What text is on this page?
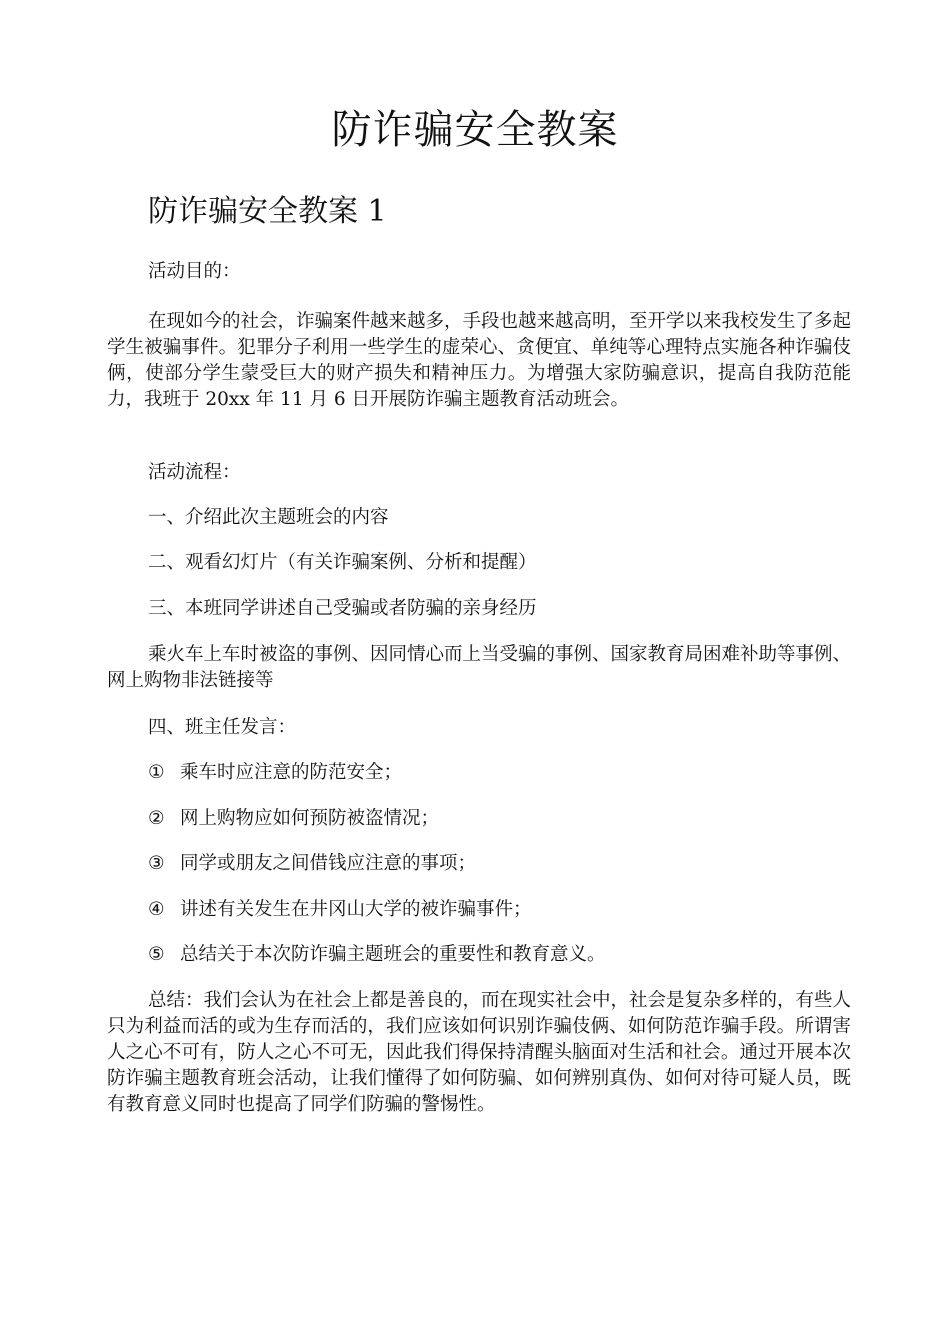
防诈骗安全教案
防诈骗安全教案 1

活动目的：

在现如今的社会，诈骗案件越来越多，手段也越来越高明，至开学以来我校发生了多起学生被骗事件。犯罪分子利用一些学生的虚荣心、贪便宜、单纯等心理特点实施各种诈骗伎俩，使部分学生蒙受巨大的财产损失和精神压力。为增强大家防骗意识，提高自我防范能力，我班于 20xx 年 11 月 6 日开展防诈骗主题教育活动班会。

活动流程：

一、介绍此次主题班会的内容

二、观看幻灯片（有关诈骗案例、分析和提醒）

三、本班同学讲述自己受骗或者防骗的亲身经历

乘火车上车时被盗的事例、因同情心而上当受骗的事例、国家教育局困难补助等事例、网上购物非法链接等

四、班主任发言：

① 乘车时应注意的防范安全；

② 网上购物应如何预防被盗情况；

③ 同学或朋友之间借钱应注意的事项；

④ 讲述有关发生在井冈山大学的被诈骗事件；

⑤ 总结关于本次防诈骗主题班会的重要性和教育意义。

总结：我们会认为在社会上都是善良的，而在现实社会中，社会是复杂多样的，有些人只为利益而活的或为生存而活的，我们应该如何识别诈骗伎俩、如何防范诈骗手段。所谓害人之心不可有，防人之心不可无，因此我们得保持清醒头脑面对生活和社会。通过开展本次防诈骗主题教育班会活动，让我们懂得了如何防骗、如何辨别真伪、如何对待可疑人员，既有教育意义同时也提高了同学们防骗的警惕性。
